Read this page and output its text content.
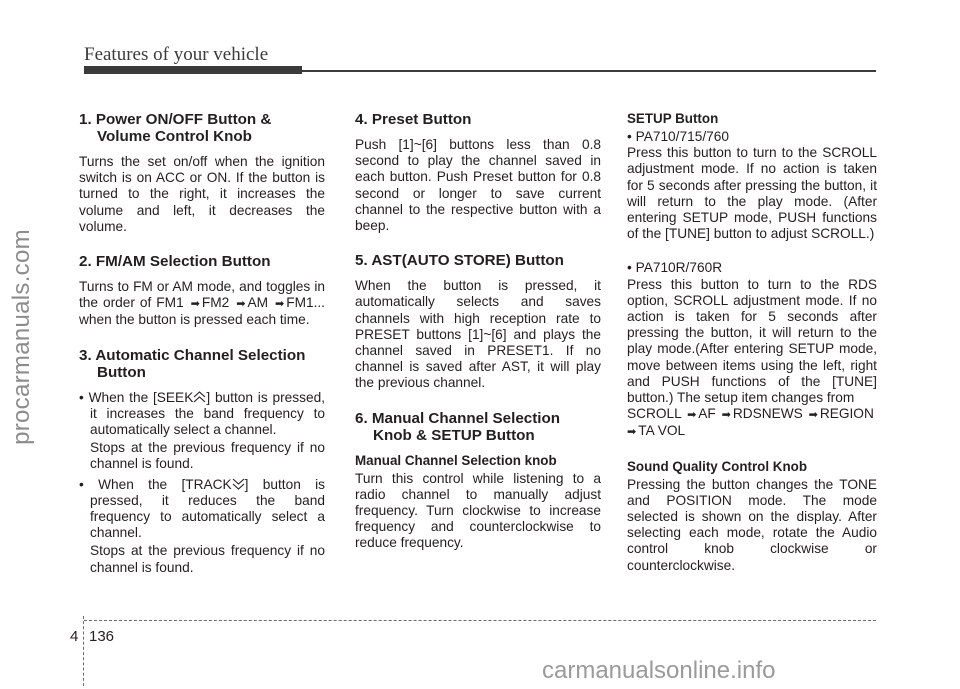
Features of your vehicle
procarmanuals.com
1. Power ON/OFF Button & Volume Control Knob

Turns the set on/off when the ignition switch is on ACC or ON. If the button is turned to the right, it increases the volume and left, it decreases the volume.

2. FM/AM Selection Button

Turns to FM or AM mode, and toggles in the order of FM1 ➡ FM2 ➡ AM ➡ FM1... when the button is pressed each time.

3. Automatic Channel Selection Button
• When the [SEEK ] button is pressed, it increases the band frequency to automatically select a channel.
Stops at the previous frequency if no channel is found.
• When the [TRACK ] button is pressed, it reduces the band frequency to automatically select a channel.
Stops at the previous frequency if no channel is found.
4. Preset Button

Push [1]~[6] buttons less than 0.8 second to play the channel saved in each button. Push Preset button for 0.8 second or longer to save current channel to the respective button with a beep.

5. AST(AUTO STORE) Button

When the button is pressed, it automatically selects and saves channels with high reception rate to PRESET buttons [1]~[6] and plays the channel saved in PRESET1. If no channel is saved after AST, it will play the previous channel.

6. Manual Channel Selection Knob & SETUP Button
Manual Channel Selection knob

Turn this control while listening to a radio channel to manually adjust frequency. Turn clockwise to increase frequency and counterclockwise to reduce frequency.

SETUP Button
• PA710/715/760

Press this button to turn to the SCROLL adjustment mode. If no action is taken for 5 seconds after pressing the button, it will return to the play mode. (After entering SETUP mode, PUSH functions of the [TUNE] button to adjust SCROLL.)

• PA710R/760R

Press this button to turn to the RDS option, SCROLL adjustment mode. If no action is taken for 5 seconds after pressing the button, it will return to the play mode.(After entering SETUP mode, move between items using the left, right and PUSH functions of the [TUNE] button.) The setup item changes from

SCROLL ➡ AF ➡ RDSNEWS ➡ REGION
➡ TA VOL

Sound Quality Control Knob

Pressing the button changes the TONE and POSITION mode. The mode selected is shown on the display. After selecting each mode, rotate the Audio control knob clockwise or counterclockwise.

4 136
carmanualsonline.info
